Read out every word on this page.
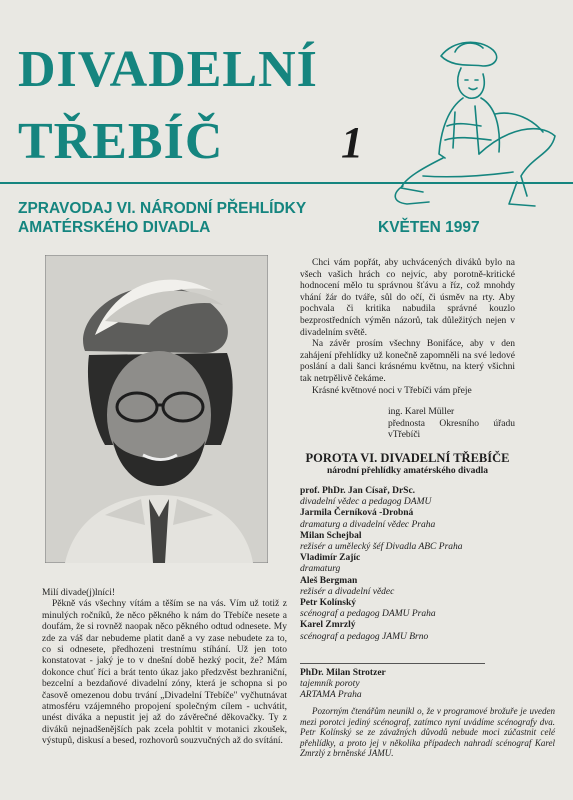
DIVADELNÍ
TŘEBÍČ	1
ZPRAVODAJ VI. NÁRODNÍ PŘEHLÍDKY
AMATÉRSKÉHO DIVADLA	KVĚTEN 1997

Chci vám popřát, aby uchvácených diváků bylo na všech vašich hrách co nejvíc, aby porotně-kritické hodnocení mělo tu správnou šťávu a říz, což mnohdy vhání žár do tváře, sůl do očí, či úsměv na rty. Aby pochvala či kritika nabudila správné kouzlo bezprostředních výměn názorů, tak důležitých nejen v divadelním světě.

Na závěr prosím všechny Bonifáce, aby v den zahájení přehlídky už konečně zapomněli na své ledové poslání a dali šanci krásnému květnu, na který všichni tak netrpělivě čekáme.

Krásné květnové noci v Třebíči vám přeje

ing. Karel Müller

přednosta Okresního úřadu vTřebíči

POROTA VI. DIVADELNÍ TŘEBÍČE
národní přehlídky amatérského divadla
prof. PhDr. Jan Císař, DrSc.
divadelní vědec a pedagog DAMU
Jarmila Černíková -Drobná
dramaturg a divadelní vědec Praha
Milan Schejbal
režisér a umělecký šéf Divadla ABC Praha
Vladimír Zajíc
dramaturg
Aleš Bergman
režisér a divadelní vědec
Petr Kolínský
scénograf a pedagog DAMU Praha
Karel Zmrzlý
scénograf a pedagog JAMU Brno
PhDr. Milan Strotzer
tajemník poroty
ARTAMA Praha
Pozorným čtenářům neunikl o, že v programové brožuře je uveden mezi porotci jediný scénograf, zatímco nyní uvádíme scénografy dva. Petr Kolínský se ze závažných důvodů nebude moci zúčastnit celé přehlídky, a proto jej v několika případech nahradí scénograf Karel Zmrzlý z brněnské JAMU.

Milí divade(j)lníci!

Pěkně vás všechny vítám a těším se na vás. Vím už totiž z minulých ročníků, že něco pěkného k nám do Třebíče nesete a doufám, že si rovněž naopak něco pěkného odtud odnesete. My zde za váš dar nebudeme platit daně a vy zase nebudete za to, co si odnesete, předhozeni trestnímu stíhání. Už jen toto konstatovat - jaký je to v dnešní době hezký pocit, že? Mám dokonce chuť říci a brát tento úkaz jako předzvěst bezhraniční, bezcelní a bezdaňové divadelní zóny, která je schopna si po časově omezenou dobu trvání „Divadelní Třebíče" vyčhutnávat atmosféru vzájemného propojení společným cílem - uchvátit, unést diváka a nepustit jej až do závěrečné děkovačky. Ty z diváků nejnadšenějších pak zcela pohltit v motanici zkoušek, výstupů, diskusí a besed, rozhovorů souzvučných až do svítání.
